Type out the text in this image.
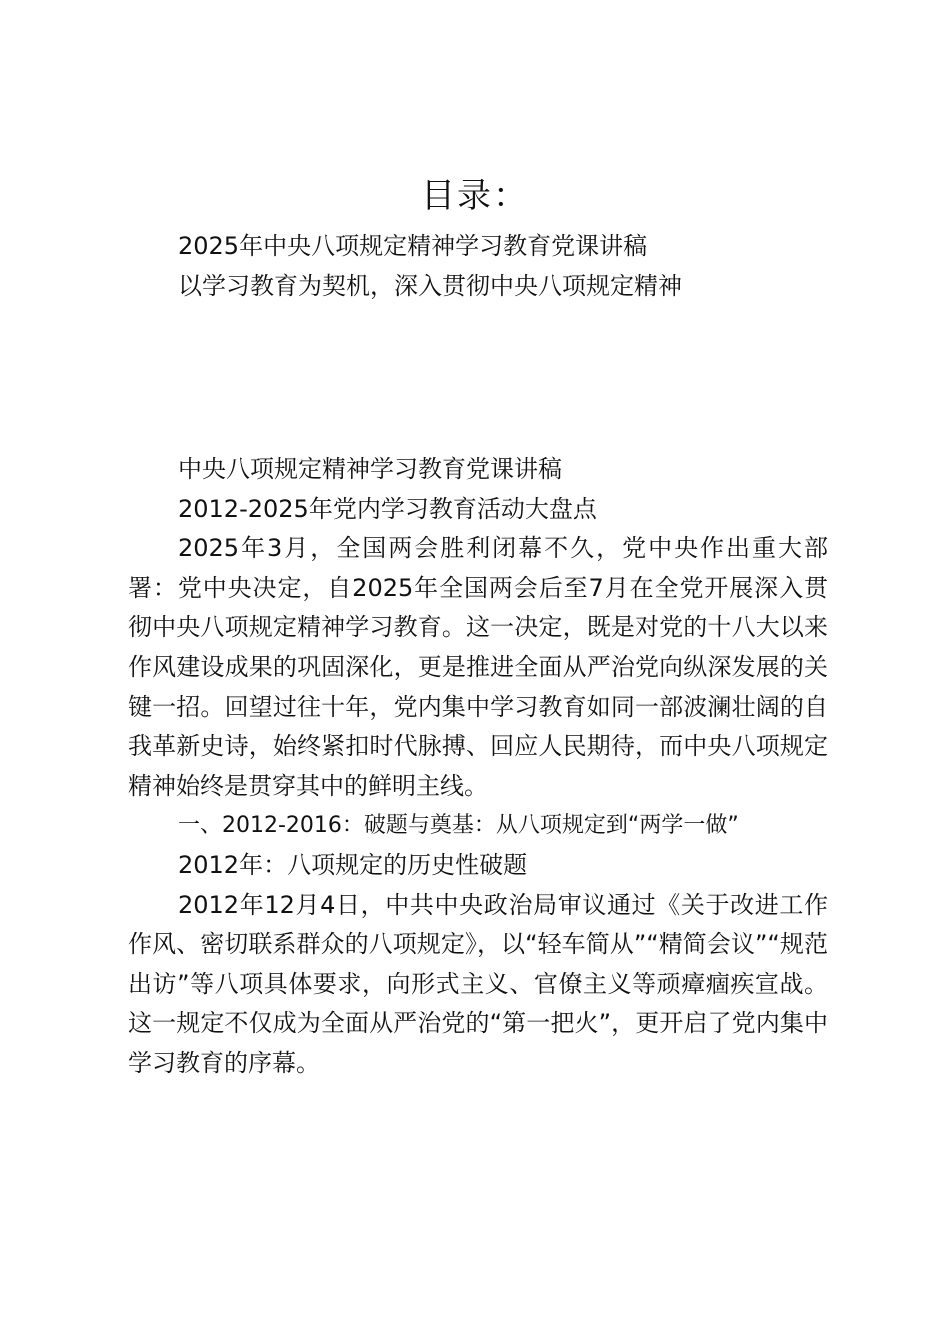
目录：
2025年中央八项规定精神学习教育党课讲稿
以学习教育为契机，深入贯彻中央八项规定精神

中央八项规定精神学习教育党课讲稿

2012-2025年党内学习教育活动大盘点

2025年3月，全国两会胜利闭幕不久，党中央作出重大部署：党中央决定，自2025年全国两会后至7月在全党开展深入贯彻中央八项规定精神学习教育。这一决定，既是对党的十八大以来作风建设成果的巩固深化，更是推进全面从严治党向纵深发展的关键一招。回望过往十年，党内集中学习教育如同一部波澜壮阔的自我革新史诗，始终紧扣时代脉搏、回应人民期待，而中央八项规定精神始终是贯穿其中的鲜明主线。

一、2012-2016：破题与奠基：从八项规定到“两学一做”

2012年：八项规定的历史性破题

2012年12月4日，中共中央政治局审议通过《关于改进工作作风、密切联系群众的八项规定》，以“轻车简从”“精简会议”“规范出访”等八项具体要求，向形式主义、官僚主义等顽瘴痼疾宣战。这一规定不仅成为全面从严治党的“第一把火”，更开启了党内集中学习教育的序幕。
